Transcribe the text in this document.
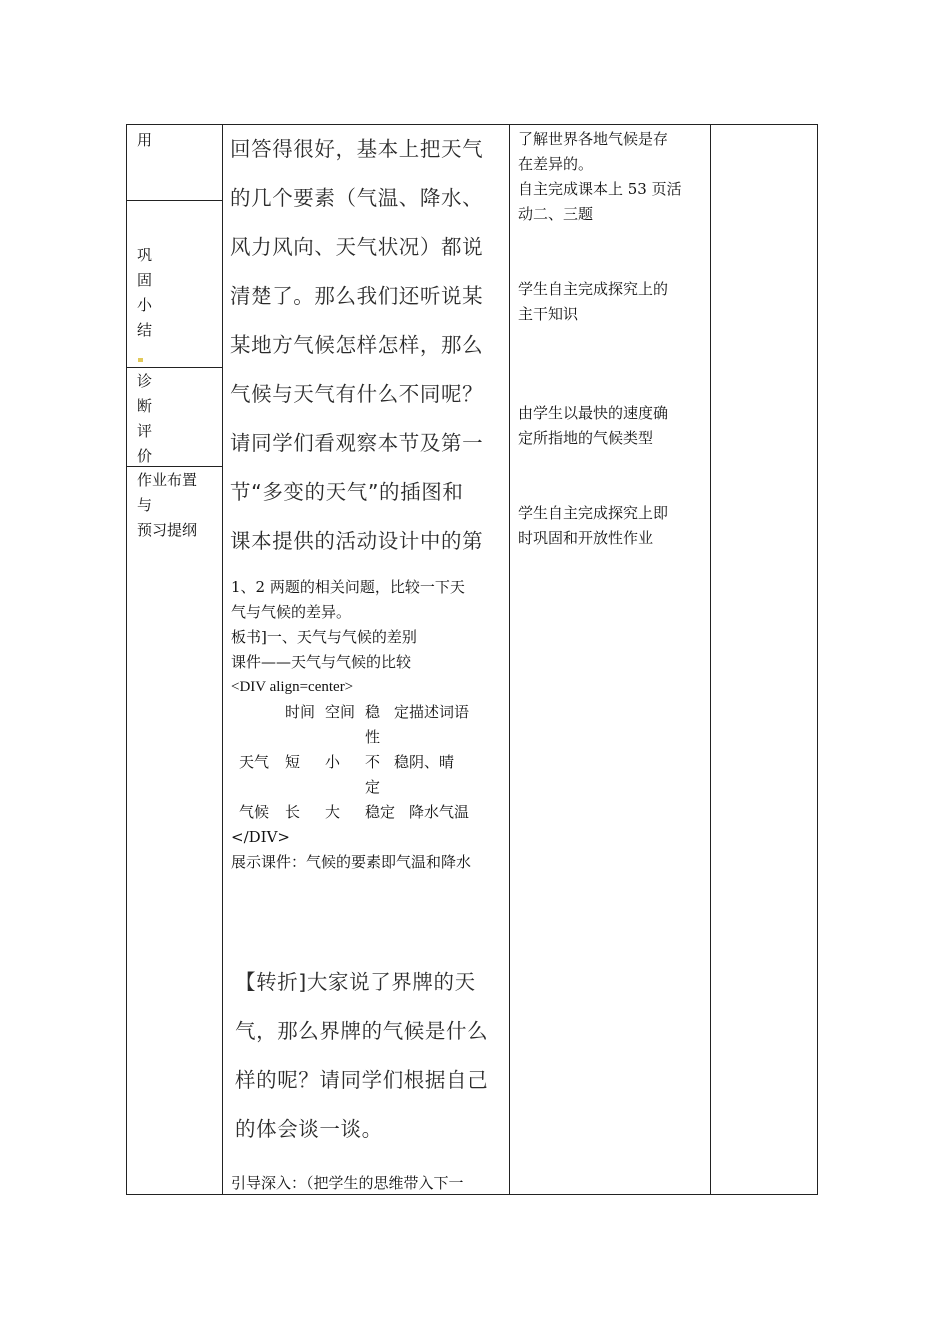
用
巩
固
小
结
诊
断
评
价
作业布置
与
预习提纲
回答得很好，基本上把天气
的几个要素（气温、降水、
风力风向、天气状况）都说
清楚了。那么我们还听说某
某地方气候怎样怎样，那么
气候与天气有什么不同呢？
请同学们看观察本节及第一
节“多变的天气”的插图和
课本提供的活动设计中的第
1、2 两题的相关问题，比较一下天
气与气候的差异。
板书]一、天气与气候的差别
课件——天气与气候的比较
<DIV align=center>
时间 空间 稳 定描述词语
性
天气 短 小 不 稳阴、晴
定
气候 长 大 稳定 降水气温
</DIV>
展示课件：气候的要素即气温和降水
【转折]大家说了界牌的天
气，那么界牌的气候是什么
样的呢？请同学们根据自己
的体会谈一谈。
引导深入：（把学生的思维带入下一
了解世界各地气候是存
在差异的。
自主完成课本上 53 页活
动二、三题
学生自主完成探究上的
主干知识
由学生以最快的速度确
定所指地的气候类型
学生自主完成探究上即
时巩固和开放性作业
